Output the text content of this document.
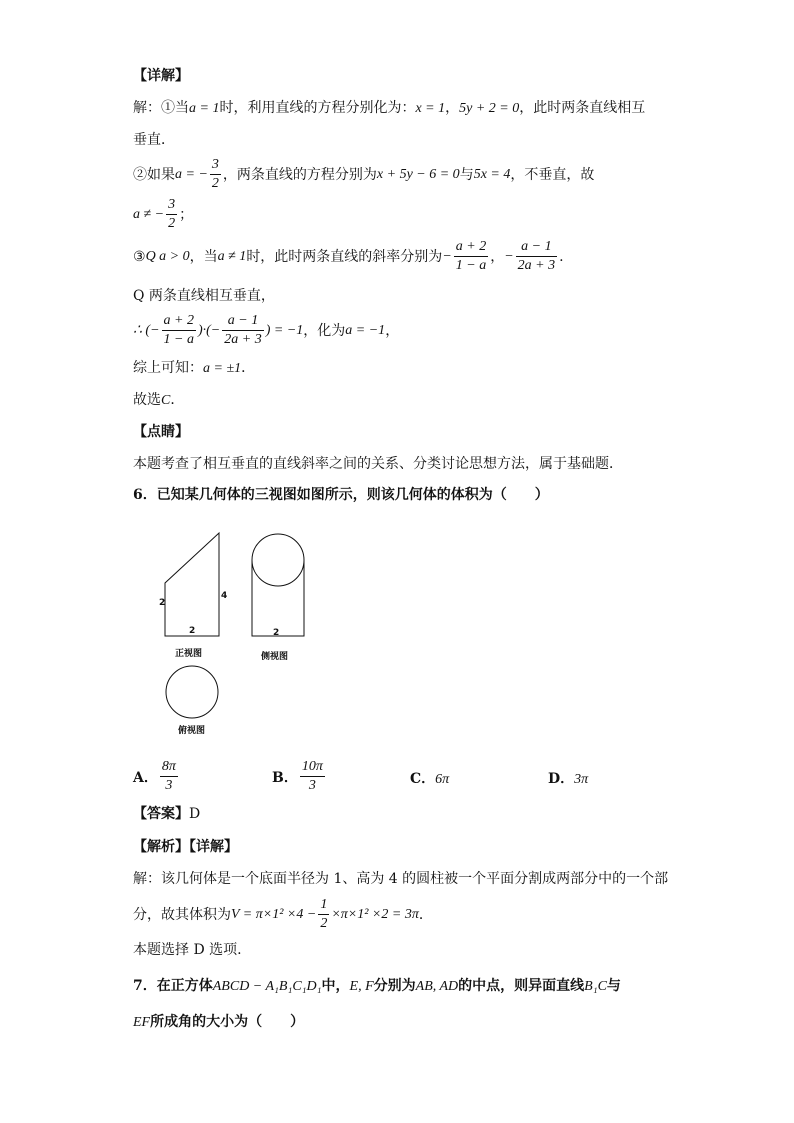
【详解】
解：①当a = 1时，利用直线的方程分别化为：x = 1，5y + 2 = 0，此时两条直线相互
垂直．
②如果a = − $\frac{3}{2}$ ，两条直线的方程分别为x + 5y − 6 = 0与5x = 4，不垂直，故
a ≠ − $\frac{3}{2}$ ；
③Q a > 0，当a ≠ 1时，此时两条直线的斜率分别为− $\frac{a + 2}{1 - a}$ ，− $\frac{a - 1}{2a + 3}$ .
Q 两条直线相互垂直，
∴ (− $\frac{a + 2}{1 - a}$ )·(− $\frac{a - 1}{2a + 3}$ ) = −1，化为a = −1，
综上可知：a = ±1．
故选C．
【点睛】
本题考查了相互垂直的直线斜率之间的关系、分类讨论思想方法，属于基础题．
6．已知某几何体的三视图如图所示，则该几何体的体积为（　　）
2
4
2
正视图
2
侧视图
俯视图
A． $\frac{8\pi}{3}$	B． $\frac{10\pi}{3}$	C．6π	D．3π
【答案】D
【解析】【详解】
解：该几何体是一个底面半径为 1、高为 4 的圆柱被一个平面分割成两部分中的一个部
分，故其体积为$V = \pi\times 1^2 \times 4 - \frac{1}{2} \times\pi\times 1^2 \times 2 = 3\pi$．
本题选择 D 选项.
7．在正方体ABCD − A₁B₁C₁D₁中，E, F分别为AB, AD的中点，则异面直线B₁C与
EF所成角的大小为（　　）
